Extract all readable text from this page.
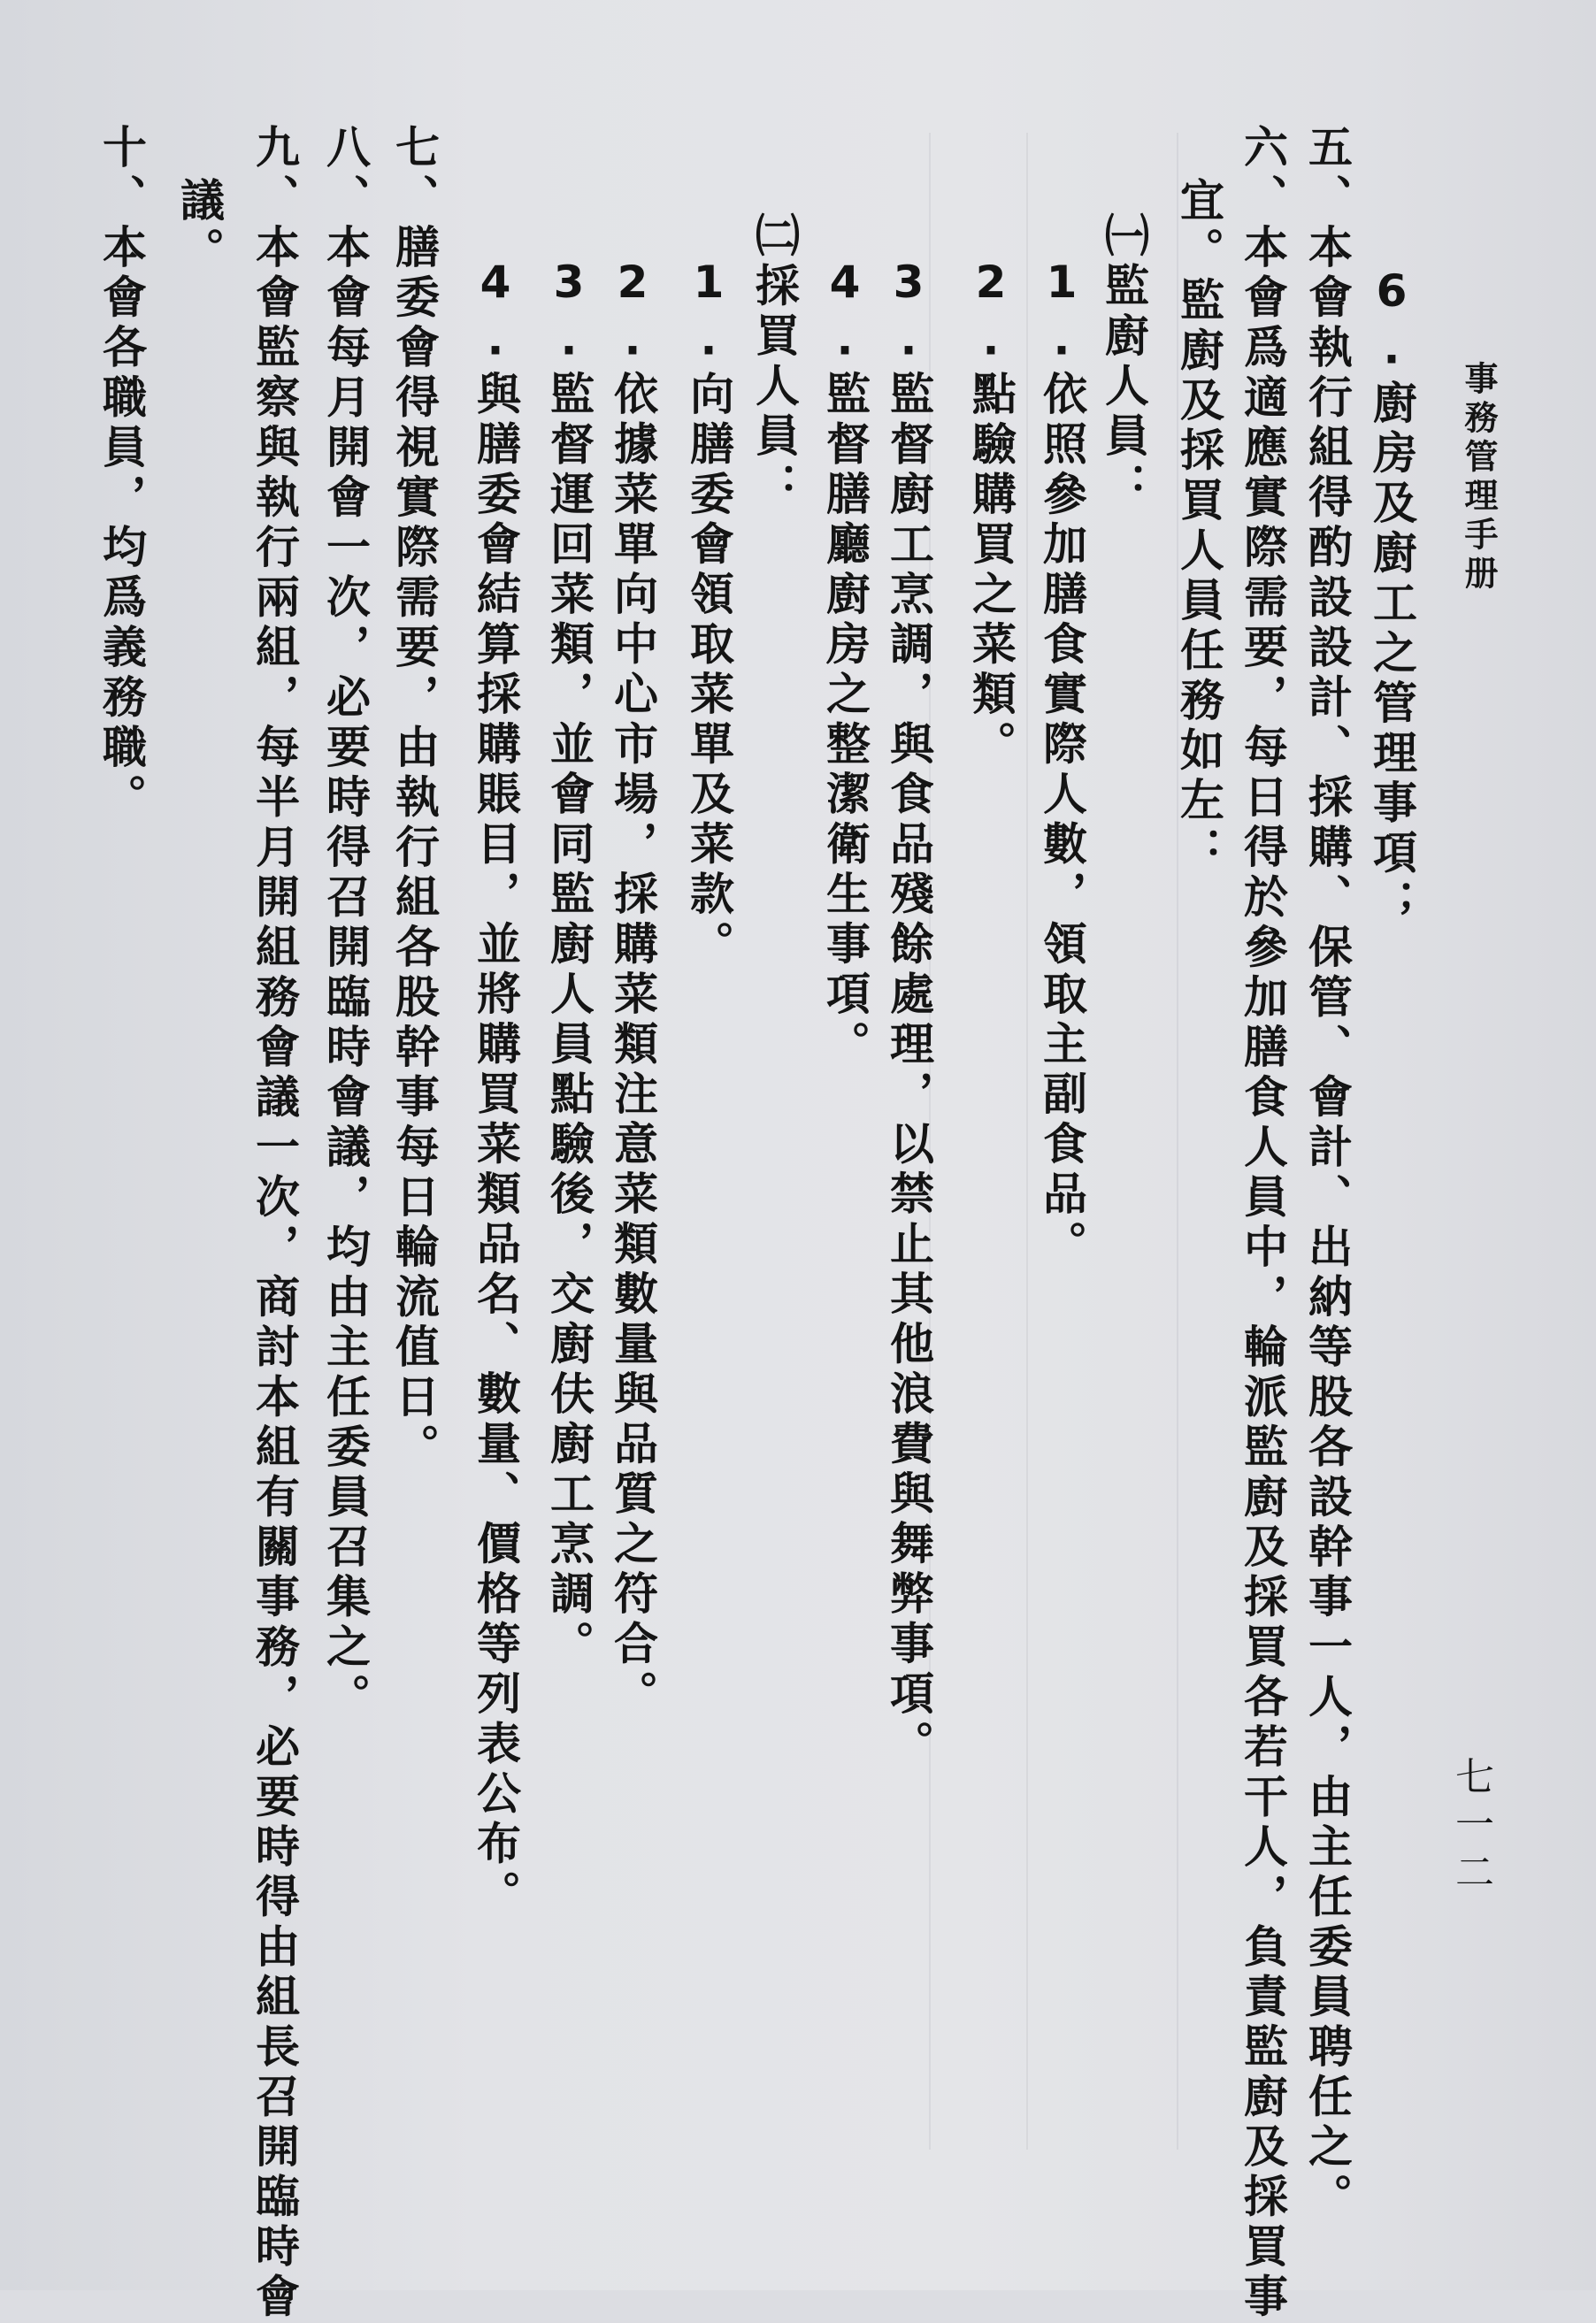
事務管理手册
七一二
6.廚房及廚工之管理事項；
五、本會執行組得酌設設計、採購、保管、會計、出納等股各設幹事一人，由主任委員聘任之。
六、本會爲適應實際需要，每日得於參加膳食人員中，輪派監廚及採買各若干人，負責監廚及採買事
宜。監廚及採買人員任務如左：
㈠監廚人員：
1.依照參加膳食實際人數，領取主副食品。
2.點驗購買之菜類。
3.監督廚工烹調，與食品殘餘處理，以禁止其他浪費與舞弊事項。
4.監督膳廳廚房之整潔衛生事項。
㈡採買人員：
1.向膳委會領取菜單及菜款。
2.依據菜單向中心市場，採購菜類注意菜類數量與品質之符合。
3.監督運回菜類，並會同監廚人員點驗後，交廚伕廚工烹調。
4.與膳委會結算採購賬目，並將購買菜類品名、數量、價格等列表公布。
七、膳委會得視實際需要，由執行組各股幹事每日輪流值日。
八、本會每月開會一次，必要時得召開臨時會議，均由主任委員召集之。
九、本會監察與執行兩組，每半月開組務會議一次，商討本組有關事務，必要時得由組長召開臨時會
議。
十、本會各職員，均爲義務職。
